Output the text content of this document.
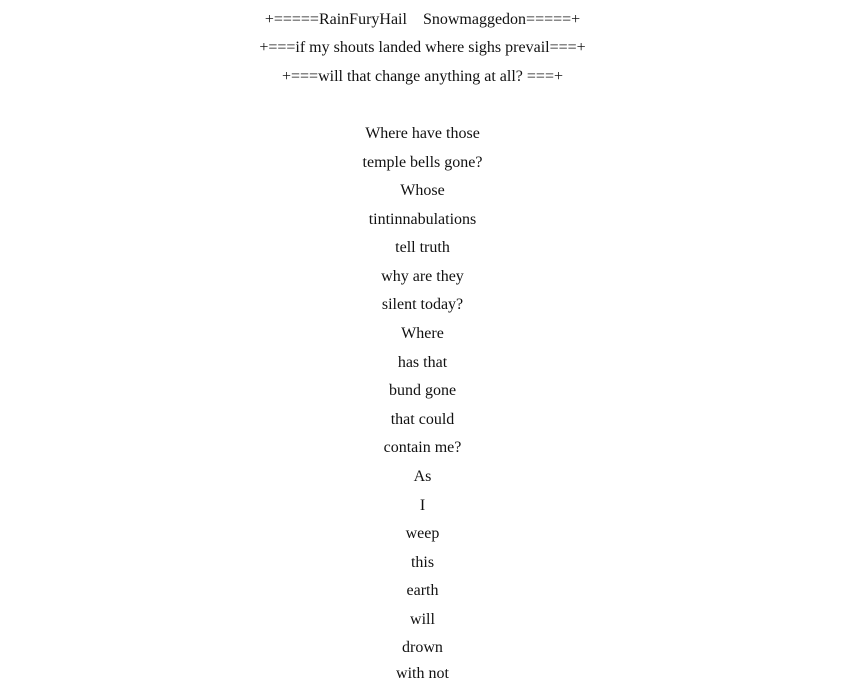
+=====RainFuryHail    Snowmaggedon=====+
+===if my shouts landed where sighs prevail===+
+===will that change anything at all? ===+
Where have those
temple bells gone?
Whose
tintinnabulations
tell truth
why are they
silent today?
Where
has that
bund gone
that could
contain me?
As
I
weep
this
earth
will
drown
with not
